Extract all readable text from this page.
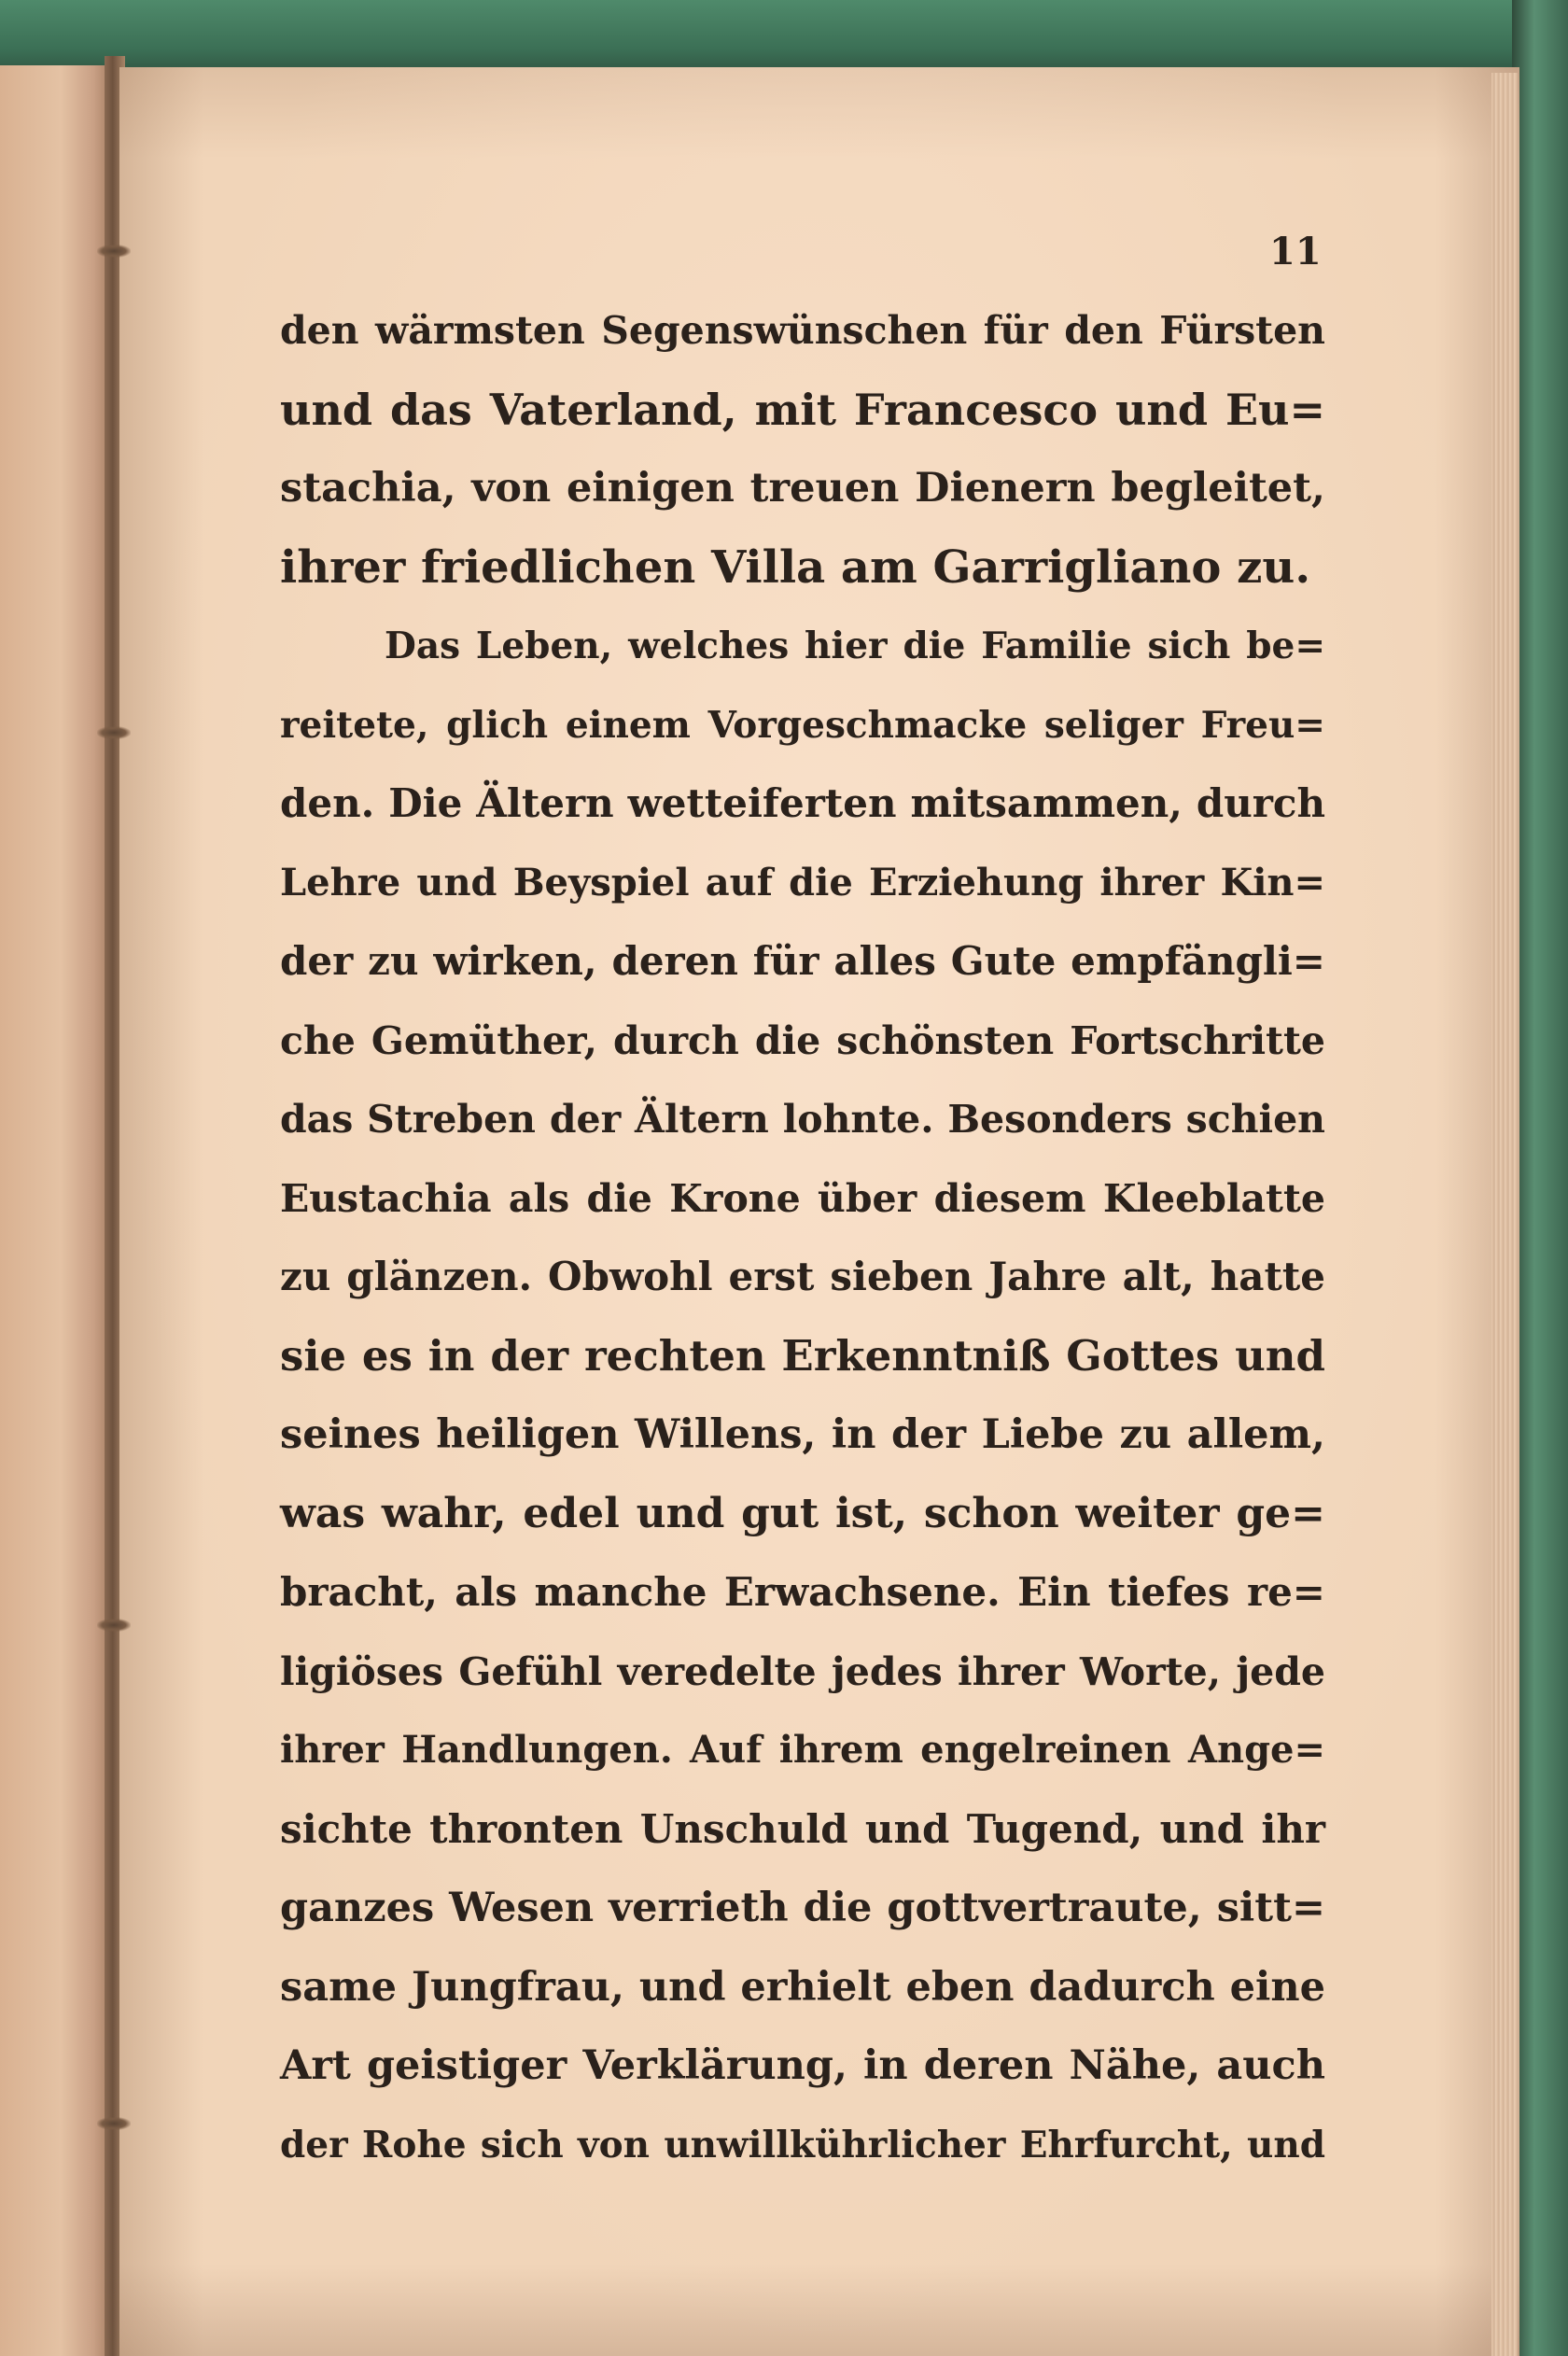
11
den wärmsten Segenswünschen für den Fürsten
und das Vaterland, mit Francesco und Eu=
stachia, von einigen treuen Dienern begleitet,
ihrer friedlichen Villa am Garrigliano zu.
Das Leben, welches hier die Familie sich be=
reitete, glich einem Vorgeschmacke seliger Freu=
den. Die Ältern wetteiferten mitsammen, durch
Lehre und Beyspiel auf die Erziehung ihrer Kin=
der zu wirken, deren für alles Gute empfängli=
che Gemüther, durch die schönsten Fortschritte
das Streben der Ältern lohnte. Besonders schien
Eustachia als die Krone über diesem Kleeblatte
zu glänzen. Obwohl erst sieben Jahre alt, hatte
sie es in der rechten Erkenntniß Gottes und
seines heiligen Willens, in der Liebe zu allem,
was wahr, edel und gut ist, schon weiter ge=
bracht, als manche Erwachsene. Ein tiefes re=
ligiöses Gefühl veredelte jedes ihrer Worte, jede
ihrer Handlungen. Auf ihrem engelreinen Ange=
sichte thronten Unschuld und Tugend, und ihr
ganzes Wesen verrieth die gottvertraute, sitt=
same Jungfrau, und erhielt eben dadurch eine
Art geistiger Verklärung, in deren Nähe, auch
der Rohe sich von unwillkührlicher Ehrfurcht, und
